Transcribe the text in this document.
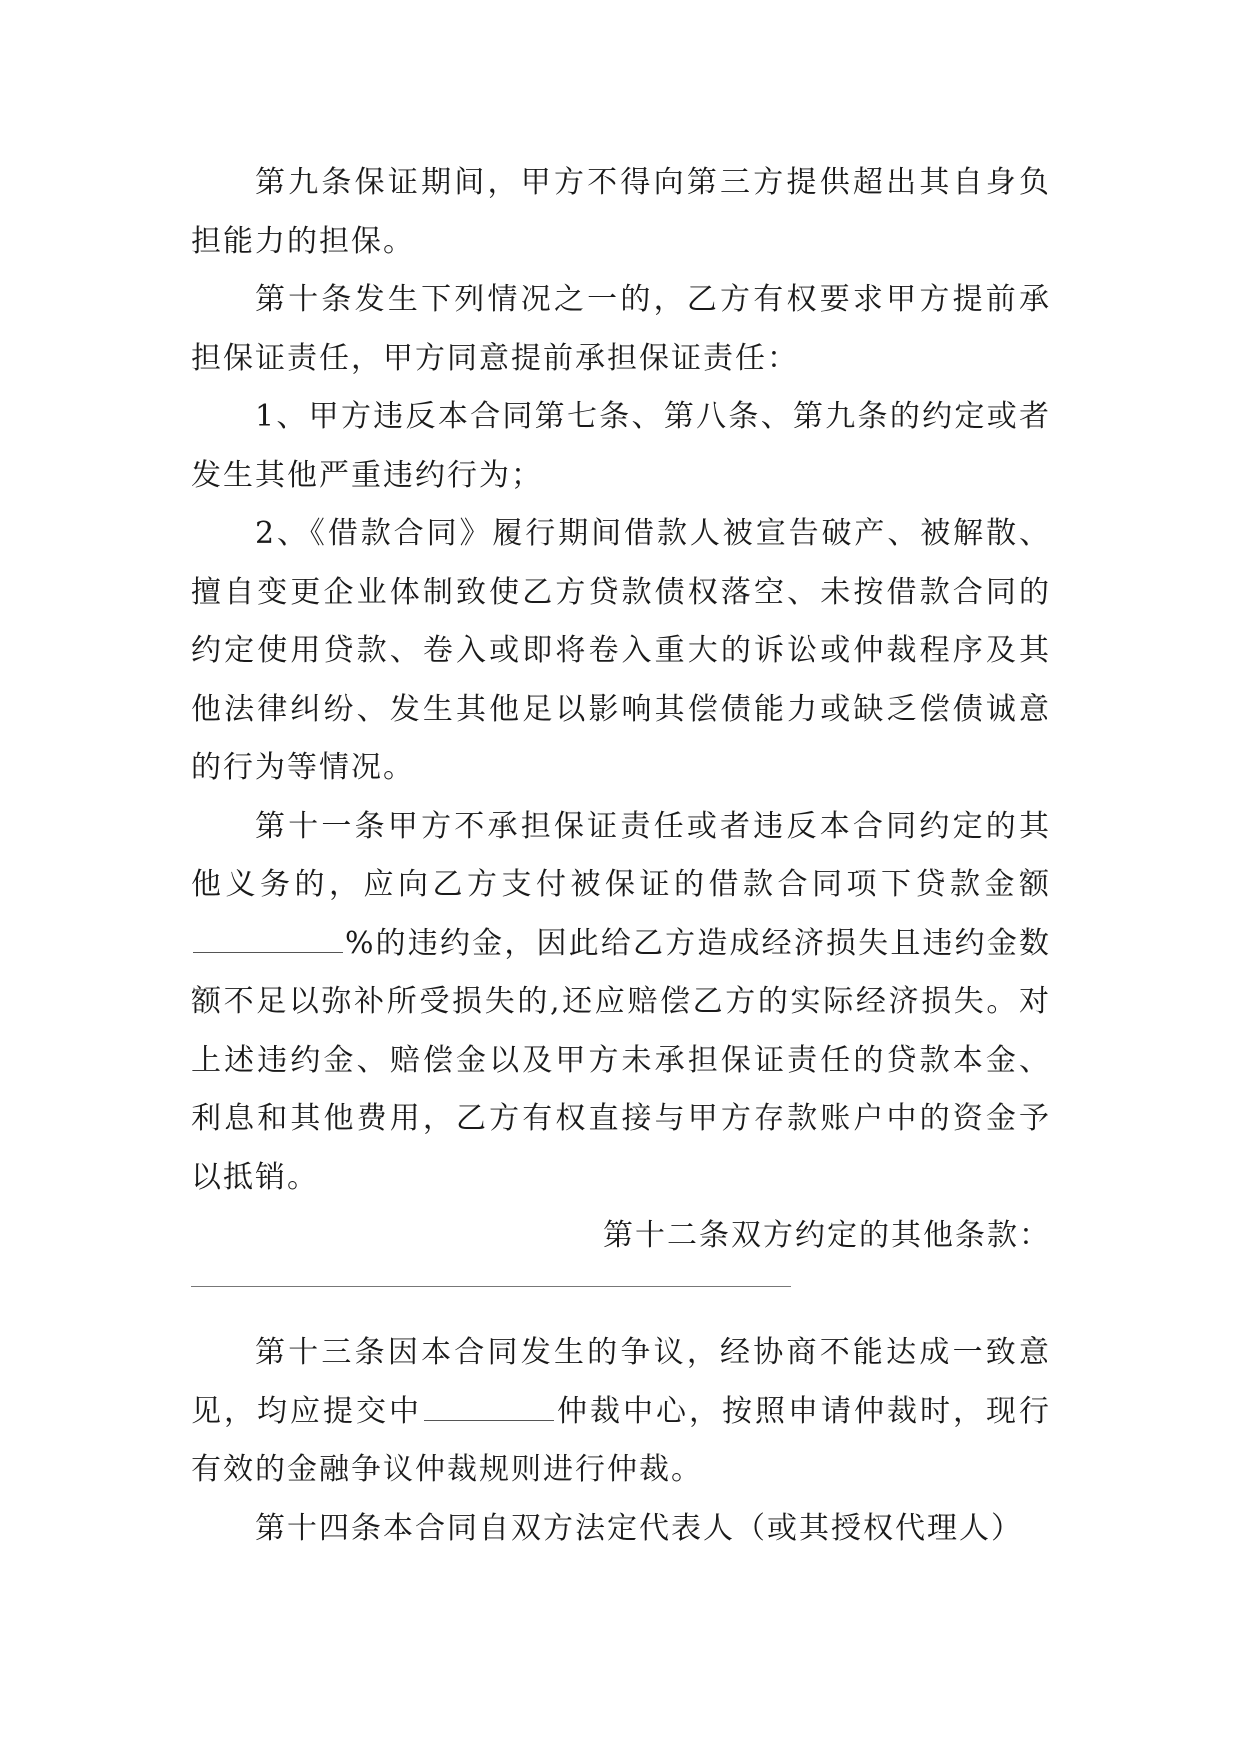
第九条保证期间，甲方不得向第三方提供超出其自身负担能力的担保。

第十条发生下列情况之一的，乙方有权要求甲方提前承担保证责任，甲方同意提前承担保证责任：

1、甲方违反本合同第七条、第八条、第九条的约定或者发生其他严重违约行为；

2、《借款合同》履行期间借款人被宣告破产、被解散、擅自变更企业体制致使乙方贷款债权落空、未按借款合同的约定使用贷款、卷入或即将卷入重大的诉讼或仲裁程序及其他法律纠纷、发生其他足以影响其偿债能力或缺乏偿债诚意的行为等情况。

第十一条甲方不承担保证责任或者违反本合同约定的其他义务的，应向乙方支付被保证的借款合同项下贷款金额%的违约金，因此给乙方造成经济损失且违约金数额不足以弥补所受损失的,还应赔偿乙方的实际经济损失。对上述违约金、赔偿金以及甲方未承担保证责任的贷款本金、利息和其他费用，乙方有权直接与甲方存款账户中的资金予以抵销。

第十二条双方约定的其他条款：

第十三条因本合同发生的争议，经协商不能达成一致意见，均应提交中	仲裁中心，按照申请仲裁时，现行有效的金融争议仲裁规则进行仲裁。

第十四条本合同自双方法定代表人（或其授权代理人）
